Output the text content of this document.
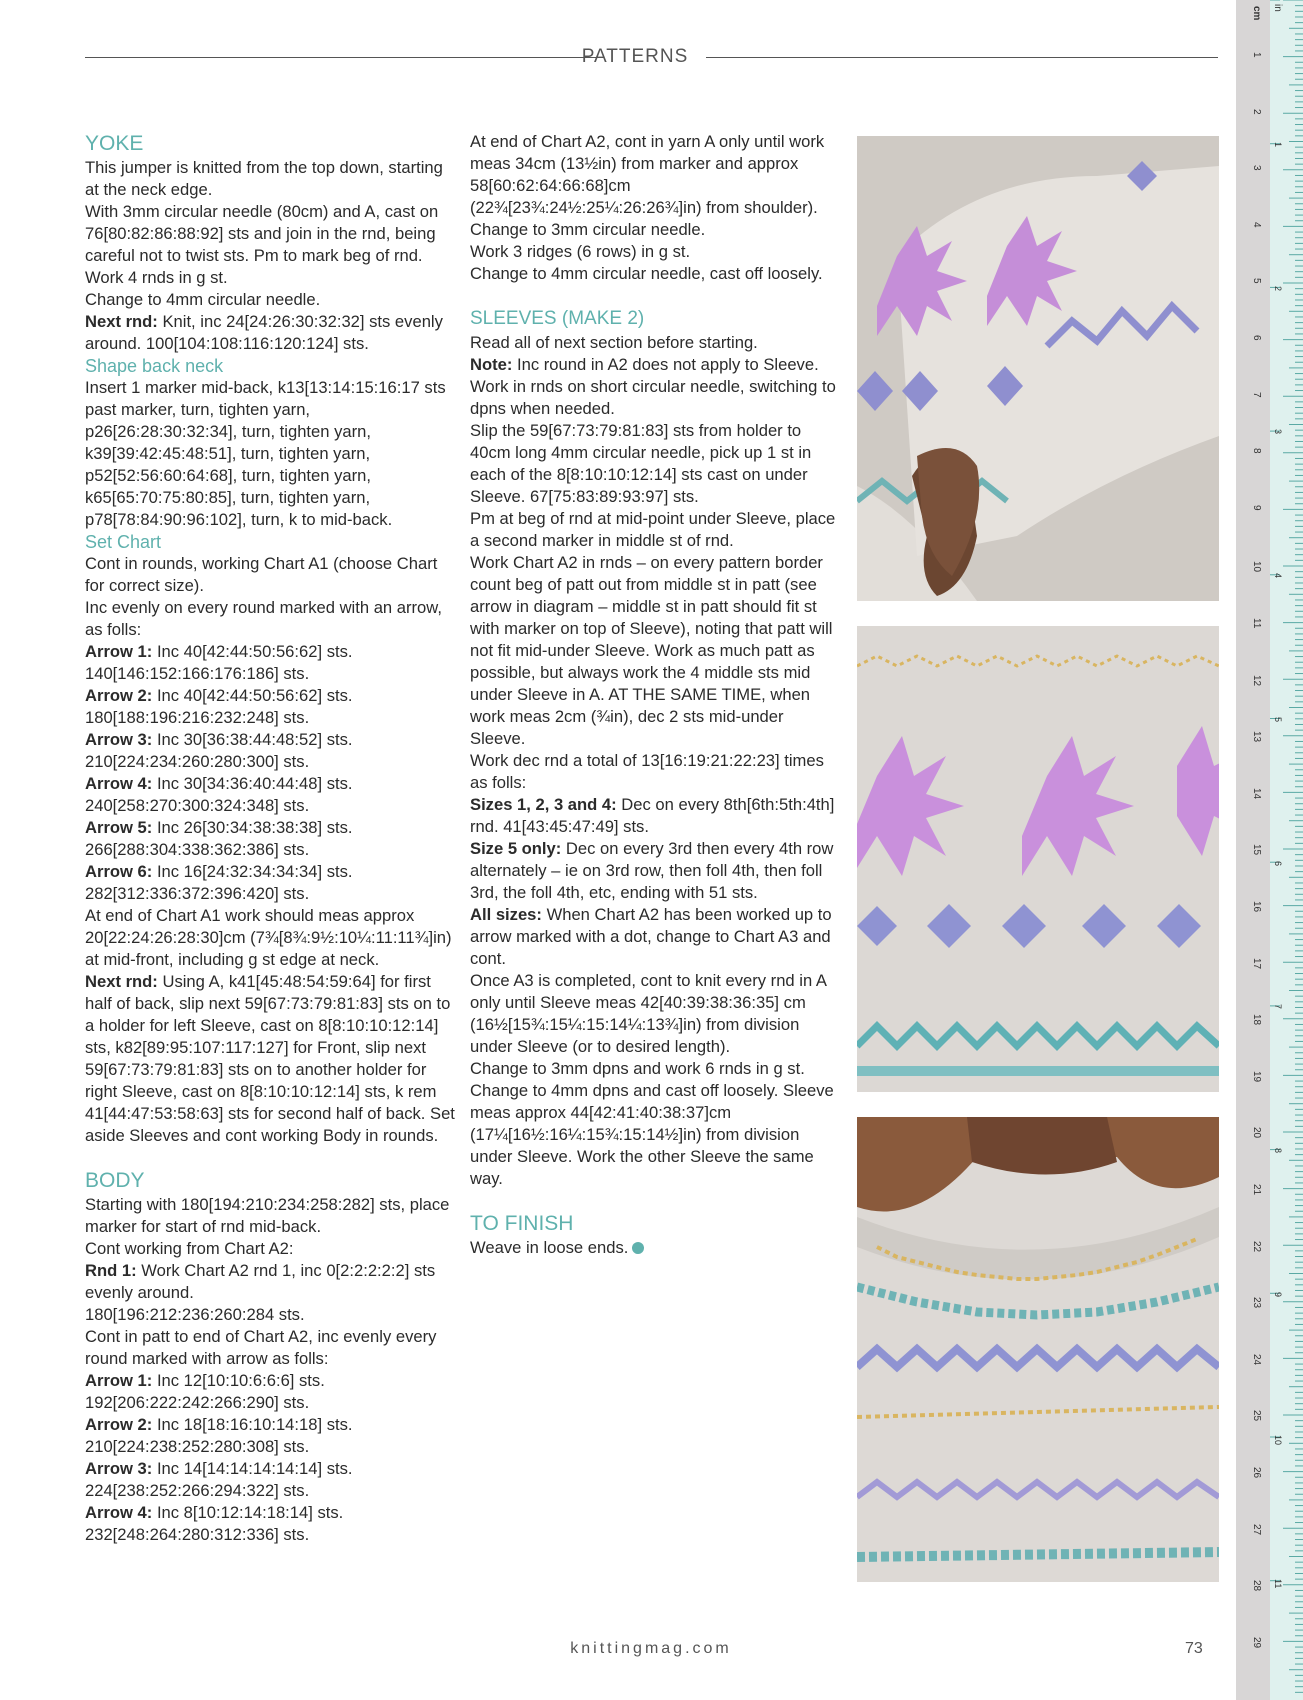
PATTERNS
YOKE

This jumper is knitted from the top down, starting at the neck edge.

With 3mm circular needle (80cm) and A, cast on 76[80:82:86:88:92] sts and join in the rnd, being careful not to twist sts. Pm to mark beg of rnd.

Work 4 rnds in g st.

Change to 4mm circular needle.

Next rnd: Knit, inc 24[24:26:30:32:32] sts evenly around. 100[104:108:116:120:124] sts.

Shape back neck

Insert 1 marker mid-back, k13[13:14:15:16:17 sts past marker, turn, tighten yarn, p26[26:28:30:32:34], turn, tighten yarn, k39[39:42:45:48:51], turn, tighten yarn, p52[52:56:60:64:68], turn, tighten yarn, k65[65:70:75:80:85], turn, tighten yarn, p78[78:84:90:96:102], turn, k to mid-back.

Set Chart

Cont in rounds, working Chart A1 (choose Chart for correct size).

Inc evenly on every round marked with an arrow, as folls:

Arrow 1: Inc 40[42:44:50:56:62] sts.

140[146:152:166:176:186] sts.

Arrow 2: Inc 40[42:44:50:56:62] sts.

180[188:196:216:232:248] sts.

Arrow 3: Inc 30[36:38:44:48:52] sts.

210[224:234:260:280:300] sts.

Arrow 4: Inc 30[34:36:40:44:48] sts.

240[258:270:300:324:348] sts.

Arrow 5: Inc 26[30:34:38:38:38] sts.

266[288:304:338:362:386] sts.

Arrow 6: Inc 16[24:32:34:34:34] sts.

282[312:336:372:396:420] sts.

At end of Chart A1 work should meas approx 20[22:24:26:28:30]cm (7¾[8¾:9½:10¼:11:11¾]in) at mid-front, including g st edge at neck.

Next rnd: Using A, k41[45:48:54:59:64] for first half of back, slip next 59[67:73:79:81:83] sts on to a holder for left Sleeve, cast on 8[8:10:10:12:14] sts, k82[89:95:107:117:127] for Front, slip next 59[67:73:79:81:83] sts on to another holder for right Sleeve, cast on 8[8:10:10:12:14] sts, k rem 41[44:47:53:58:63] sts for second half of back. Set aside Sleeves and cont working Body in rounds.

BODY

Starting with 180[194:210:234:258:282] sts, place marker for start of rnd mid-back.

Cont working from Chart A2:

Rnd 1: Work Chart A2 rnd 1, inc 0[2:2:2:2:2] sts evenly around.

180[196:212:236:260:284 sts.

Cont in patt to end of Chart A2, inc evenly every round marked with arrow as folls:

Arrow 1: Inc 12[10:10:6:6:6] sts.

192[206:222:242:266:290] sts.

Arrow 2: Inc 18[18:16:10:14:18] sts.

210[224:238:252:280:308] sts.

Arrow 3: Inc 14[14:14:14:14:14] sts.

224[238:252:266:294:322] sts.

Arrow 4: Inc 8[10:12:14:18:14] sts.

232[248:264:280:312:336] sts.

At end of Chart A2, cont in yarn A only until work meas 34cm (13½in) from marker and approx 58[60:62:64:66:68]cm (22¾[23¾:24½:25¼:26:26¾]in) from shoulder).

Change to 3mm circular needle.

Work 3 ridges (6 rows) in g st.

Change to 4mm circular needle, cast off loosely.

SLEEVES (MAKE 2)

Read all of next section before starting.

Note: Inc round in A2 does not apply to Sleeve.

Work in rnds on short circular needle, switching to dpns when needed.

Slip the 59[67:73:79:81:83] sts from holder to 40cm long 4mm circular needle, pick up 1 st in each of the 8[8:10:10:12:14] sts cast on under Sleeve. 67[75:83:89:93:97] sts.

Pm at beg of rnd at mid-point under Sleeve, place a second marker in middle st of rnd.

Work Chart A2 in rnds – on every pattern border count beg of patt out from middle st in patt (see arrow in diagram – middle st in patt should fit st with marker on top of Sleeve), noting that patt will not fit mid-under Sleeve. Work as much patt as possible, but always work the 4 middle sts mid under Sleeve in A. AT THE SAME TIME, when work meas 2cm (¾in), dec 2 sts mid-under Sleeve.

Work dec rnd a total of 13[16:19:21:22:23] times as folls:

Sizes 1, 2, 3 and 4: Dec on every 8th[6th:5th:4th] rnd. 41[43:45:47:49] sts.

Size 5 only: Dec on every 3rd then every 4th row alternately – ie on 3rd row, then foll 4th, then foll 3rd, the foll 4th, etc, ending with 51 sts.

All sizes: When Chart A2 has been worked up to arrow marked with a dot, change to Chart A3 and cont.

Once A3 is completed, cont to knit every rnd in A only until Sleeve meas 42[40:39:38:36:35] cm (16½[15¾:15¼:15:14¼:13¾]in) from division under Sleeve (or to desired length).

Change to 3mm dpns and work 6 rnds in g st.

Change to 4mm dpns and cast off loosely. Sleeve meas approx 44[42:41:40:38:37]cm (17¼[16½:16¼:15¾:15:14½]in) from division under Sleeve. Work the other Sleeve the same way.

TO FINISH

Weave in loose ends.

knittingmag.com	73
cm in
1
2
3
4
5
6
7
8
9
10
11
12
13
14
15
16
17
18
19
20
21
22
23
24
25
26
27
28
29
1
2
3
4
5
6
7
8
9
10
11
